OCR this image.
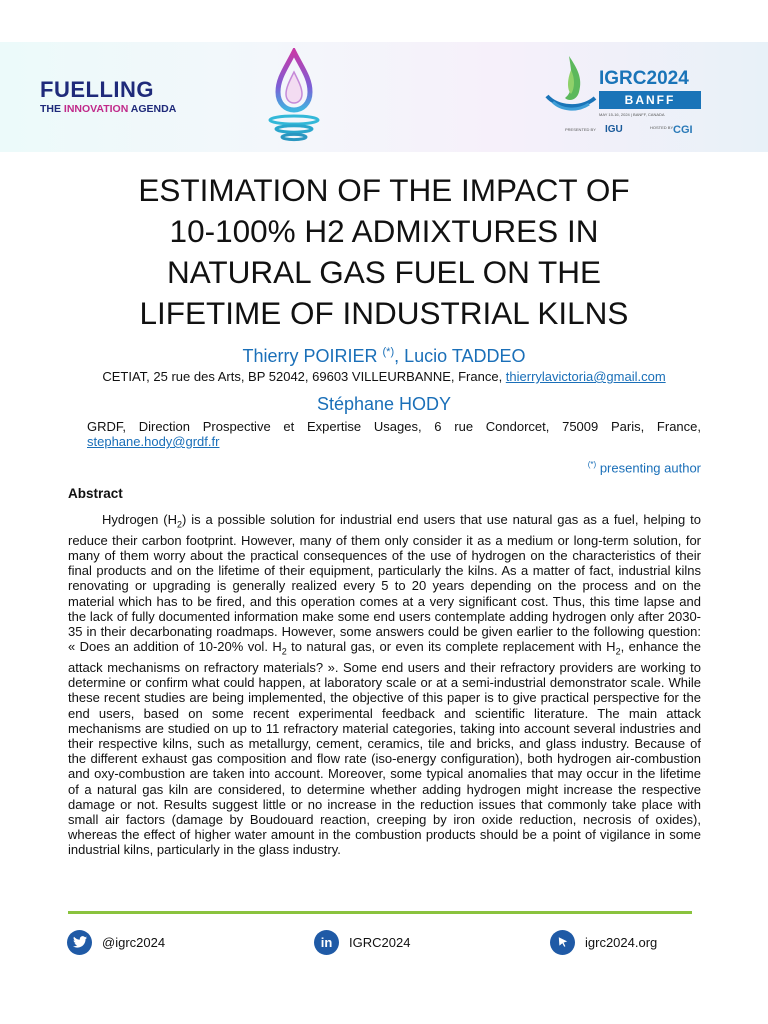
FUELLING
THE INNOVATION AGENDA
IGRC2024
BANFF
MAY 15-16, 2024 | BANFF, CANADA
PRESENTED BY IGU	HOSTED BY CGI
ESTIMATION OF THE IMPACT OF
10-100% H2 ADMIXTURES IN
NATURAL GAS FUEL ON THE
LIFETIME OF INDUSTRIAL KILNS
Thierry POIRIER (*), Lucio TADDEO
CETIAT, 25 rue des Arts, BP 52042, 69603 VILLEURBANNE, France, thierrylavictoria@gmail.com
Stéphane HODY
GRDF, Direction Prospective et Expertise Usages, 6 rue Condorcet, 75009 Paris, France,
stephane.hody@grdf.fr
(*) presenting author
Abstract

Hydrogen $(H_2)$ is a possible solution for industrial end users that use natural gas as a fuel, helping to reduce their carbon footprint. However, many of them only consider it as a medium or long-term solution, for many of them worry about the practical consequences of the use of hydrogen on the characteristics of their final products and on the lifetime of their equipment, particularly the kilns. As a matter of fact, industrial kilns renovating or upgrading is generally realized every 5 to 20 years depending on the process and on the material which has to be fired, and this operation comes at a very significant cost. Thus, this time lapse and the lack of fully documented information make some end users contemplate adding hydrogen only after 2030-35 in their decarbonating roadmaps. However, some answers could be given earlier to the following question: « Does an addition of 10-20% vol. $H_2$ to natural gas, or even its complete replacement with $H_2$, enhance the attack mechanisms on refractory materials? ». Some end users and their refractory providers are working to determine or confirm what could happen, at laboratory scale or at a semi-industrial demonstrator scale. While these recent studies are being implemented, the objective of this paper is to give practical perspective for the end users, based on some recent experimental feedback and scientific literature. The main attack mechanisms are studied on up to 11 refractory material categories, taking into account several industries and their respective kilns, such as metallurgy, cement, ceramics, tile and bricks, and glass industry. Because of the different exhaust gas composition and flow rate (iso-energy configuration), both hydrogen air-combustion and oxy-combustion are taken into account. Moreover, some typical anomalies that may occur in the lifetime of a natural gas kiln are considered, to determine whether adding hydrogen might increase the respective damage or not. Results suggest little or no increase in the reduction issues that commonly take place with small air factors (damage by Boudouard reaction, creeping by iron oxide reduction, necrosis of oxides), whereas the effect of higher water amount in the combustion products should be a point of vigilance in some industrial kilns, particularly in the glass industry.

@igrc2024	in	IGRC2024	igrc2024.org
